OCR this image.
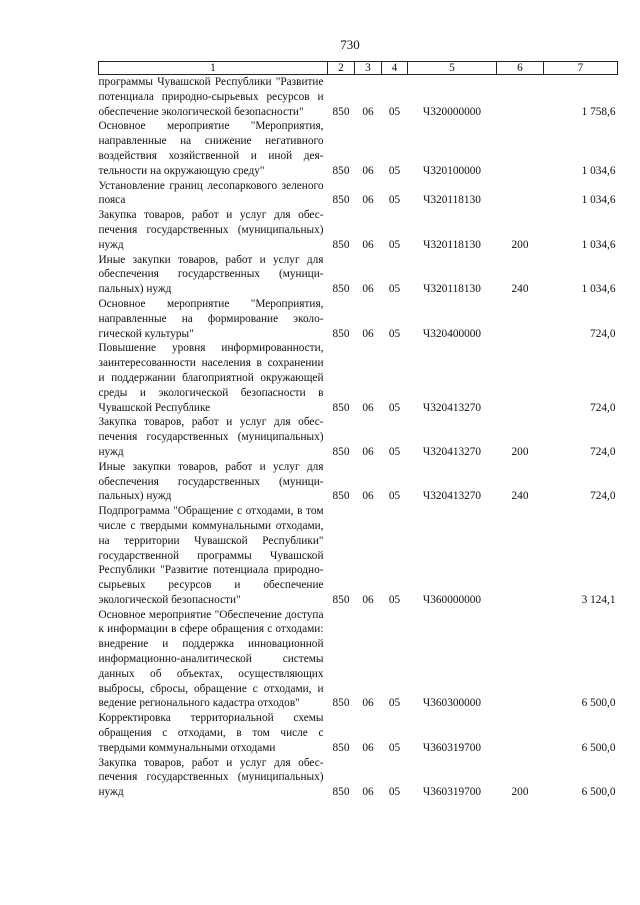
730
1	2	3	4	5	6	7
программы Чувашской Республики "Развитие потенциала природно-сырьевых ресурсов и обеспечение экологической безопасности"	850	06	05	Ч320000000		1 758,6
Основное мероприятие "Мероприятия, направленные на снижение негативного воздействия хозяйственной и иной деятельности на окружающую среду"	850	06	05	Ч320100000		1 034,6
Установление границ лесопаркового зеленого пояса	850	06	05	Ч320118130		1 034,6
Закупка товаров, работ и услуг для обеспечения государственных (муниципальных) нужд	850	06	05	Ч320118130	200	1 034,6
Иные закупки товаров, работ и услуг для обеспечения государственных (муниципальных) нужд	850	06	05	Ч320118130	240	1 034,6
Основное мероприятие "Мероприятия, направленные на формирование экологической культуры"	850	06	05	Ч320400000		724,0
Повышение уровня информированности, заинтересованности населения в сохранении и поддержании благоприятной окружающей среды и экологической безопасности в Чувашской Республике	850	06	05	Ч320413270		724,0
Закупка товаров, работ и услуг для обеспечения государственных (муниципальных) нужд	850	06	05	Ч320413270	200	724,0
Иные закупки товаров, работ и услуг для обеспечения государственных (муниципальных) нужд	850	06	05	Ч320413270	240	724,0
Подпрограмма "Обращение с отходами, в том числе с твердыми коммунальными отходами, на территории Чувашской Республики" государственной программы Чувашской Республики "Развитие потенциала природно-сырьевых ресурсов и обеспечение экологической безопасности"	850	06	05	Ч360000000		3 124,1
Основное мероприятие "Обеспечение доступа к информации в сфере обращения с отходами: внедрение и поддержка инновационной информационно-аналитической системы данных об объектах, осуществляющих выбросы, сбросы, обращение с отходами, и ведение регионального кадастра отходов"	850	06	05	Ч360300000		6 500,0
Корректировка территориальной схемы обращения с отходами, в том числе с твердыми коммунальными отходами	850	06	05	Ч360319700		6 500,0
Закупка товаров, работ и услуг для обеспечения государственных (муниципальных) нужд	850	06	05	Ч360319700	200	6 500,0
